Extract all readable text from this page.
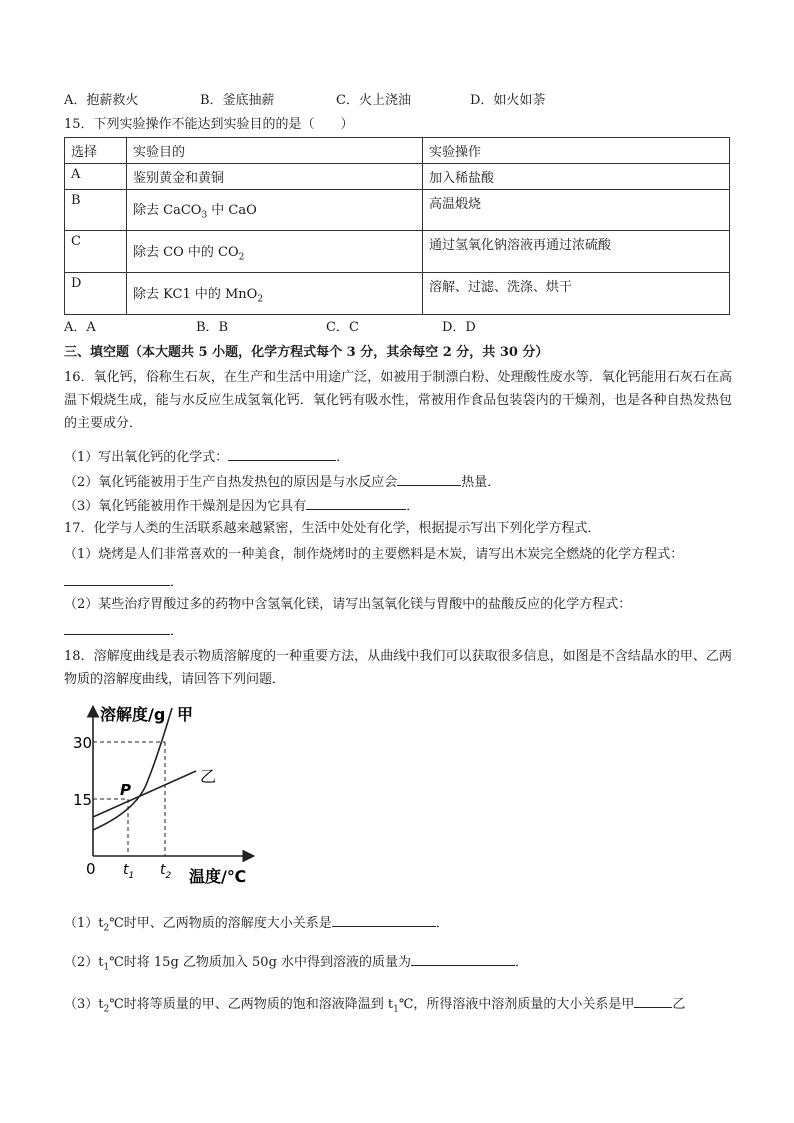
A．抱薪救火	B．釜底抽薪	C．火上浇油	D．如火如荼
15．下列实验操作不能达到实验目的的是（　　）
选择	实验目的	实验操作
A	鉴别黄金和黄铜	加入稀盐酸
B	除去 CaCO$_3$ 中 CaO	高温煅烧
C	除去 CO 中的 $CO_2$	通过氢氧化钠溶液再通过浓硫酸
D	除去 KC1 中的 MnO$_2$	溶解、过滤、洗涤、烘干
A．A	B．B	C．C	D．D
三、填空题（本大题共 5 小题，化学方程式每个 3 分，其余每空 2 分，共 30 分）
16．氧化钙，俗称生石灰，在生产和生活中用途广泛，如被用于制漂白粉、处理酸性废水等．氧化钙能用石灰石在高温下煅烧生成，能与水反应生成氢氧化钙．氧化钙有吸水性，常被用作食品包装袋内的干燥剂，也是各种自热发热包的主要成分．
（1）写出氧化钙的化学式：	．
（2）氧化钙能被用于生产自热发热包的原因是与水反应会	热量．
（3）氧化钙能被用作干燥剂是因为它具有	．
17．化学与人类的生活联系越来越紧密，生活中处处有化学，根据提示写出下列化学方程式．
（1）烧烤是人们非常喜欢的一种美食，制作烧烤时的主要燃料是木炭，请写出木炭完全燃烧的化学方程式：
．
（2）某些治疗胃酸过多的药物中含氢氧化镁，请写出氢氧化镁与胃酸中的盐酸反应的化学方程式：
．
18．溶解度曲线是表示物质溶解度的一种重要方法，从曲线中我们可以获取很多信息，如图是不含结晶水的甲、乙两物质的溶解度曲线，请回答下列问题．
溶解度/g 甲
乙
P
30
15
0 $t_1$ $t_2$ 温度/℃
$(1)t_2℃$时甲、乙两物质的溶解度大小关系是	．
$(2)t_1℃$时将 15g 乙物质加入 50g 水中得到溶液的质量为	．
$(3)t_2℃$时将等质量的甲、乙两物质的饱和溶液降温到 $t_1℃$，所得溶液中溶剂质量的大小关系是甲	乙
